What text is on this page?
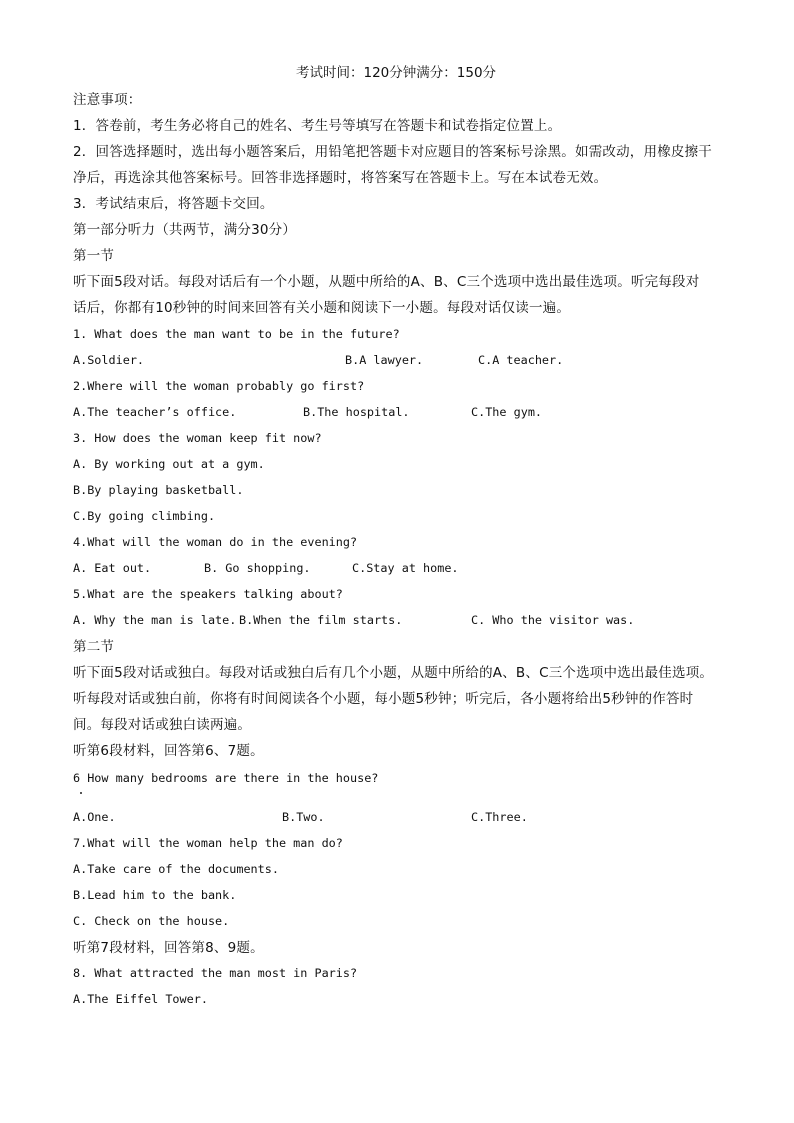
考试时间：120分钟满分：150分
注意事项：
1．答卷前，考生务必将自己的姓名、考生号等填写在答题卡和试卷指定位置上。
2．回答选择题时，选出每小题答案后，用铅笔把答题卡对应题目的答案标号涂黑。如需改动，用橡皮擦干
净后，再选涂其他答案标号。回答非选择题时，将答案写在答题卡上。写在本试卷无效。
3．考试结束后，将答题卡交回。
第一部分听力（共两节，满分30分）
第一节
听下面5段对话。每段对话后有一个小题，从题中所给的A、B、C三个选项中选出最佳选项。听完每段对
话后，你都有10秒钟的时间来回答有关小题和阅读下一小题。每段对话仅读一遍。
1. What does the man want to be in the future?
A.Soldier.	B.A lawyer.	C.A teacher.
2.Where will the woman probably go first?
A.The teacher’s office.	B.The hospital.	C.The gym.
3. How does the woman keep fit now?
A. By working out at a gym.
B.By playing basketball.
C.By going climbing.
4.What will the woman do in the evening?
A. Eat out.	B. Go shopping.	C.Stay at home.
5.What are the speakers talking about?
A. Why the man is late. B.When the film starts.	C. Who the visitor was.
第二节
听下面5段对话或独白。每段对话或独白后有几个小题，从题中所给的A、B、C三个选项中选出最佳选项。
听每段对话或独白前，你将有时间阅读各个小题，每小题5秒钟；听完后，各小题将给出5秒钟的作答时
间。每段对话或独白读两遍。
听第6段材料，回答第6、7题。
6 How many bedrooms are there in the house?
A.One.	B.Two.	C.Three.
7.What will the woman help the man do?
A.Take care of the documents.
B.Lead him to the bank.
C. Check on the house.
听第7段材料，回答第8、9题。
8. What attracted the man most in Paris?
A.The Eiffel Tower.
